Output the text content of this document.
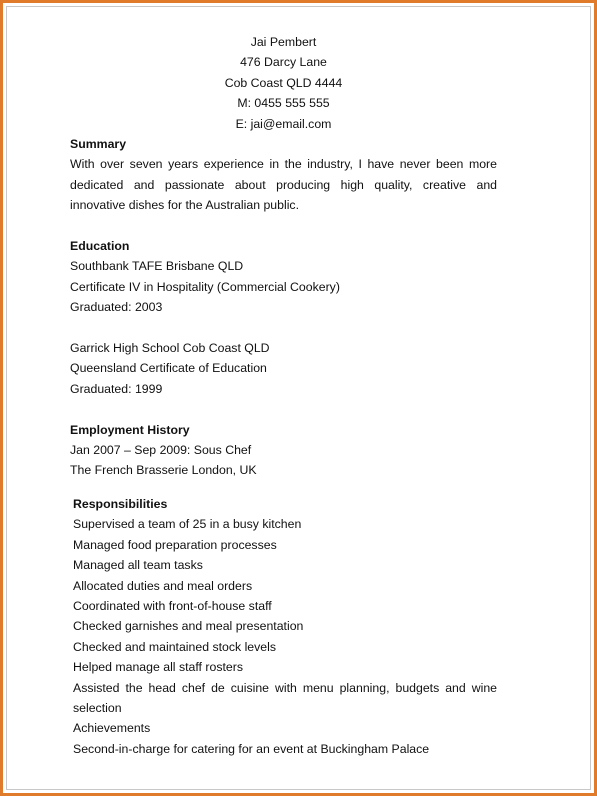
Jai Pembert
476 Darcy Lane
Cob Coast QLD 4444
M: 0455 555 555
E: jai@email.com
Summary
With over seven years experience in the industry, I have never been more dedicated and passionate about producing high quality, creative and innovative dishes for the Australian public.
Education
Southbank TAFE Brisbane QLD
Certificate IV in Hospitality (Commercial Cookery)
Graduated: 2003
Garrick High School Cob Coast QLD
Queensland Certificate of Education
Graduated: 1999
Employment History
Jan 2007 – Sep 2009: Sous Chef
The French Brasserie London, UK
Responsibilities
Supervised a team of 25 in a busy kitchen
Managed food preparation processes
Managed all team tasks
Allocated duties and meal orders
Coordinated with front-of-house staff
Checked garnishes and meal presentation
Checked and maintained stock levels
Helped manage all staff rosters
Assisted the head chef de cuisine with menu planning, budgets and wine selection
Achievements
Second-in-charge for catering for an event at Buckingham Palace
